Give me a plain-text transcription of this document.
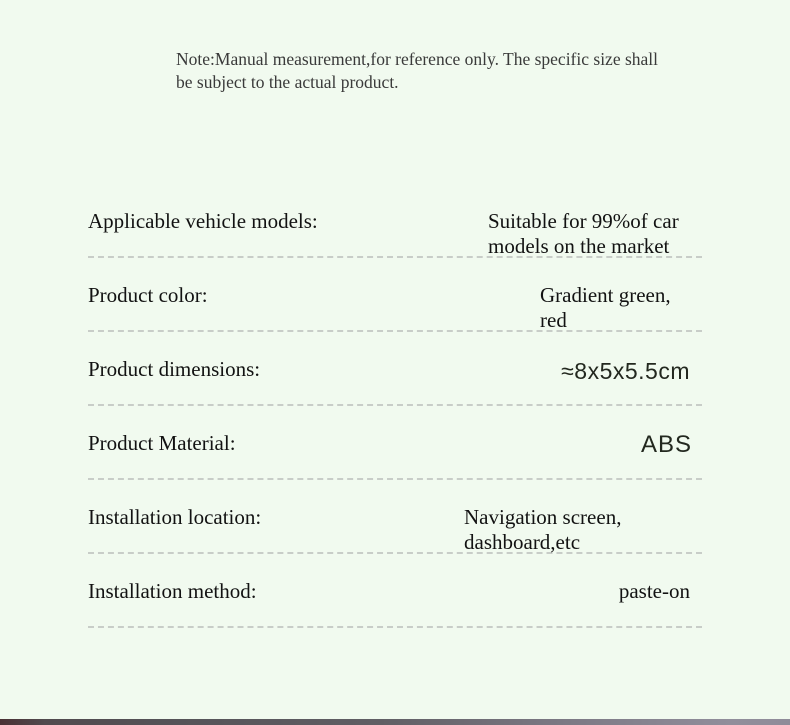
Note:Manual measurement,for reference only. The specific size shall
be subject to the actual product.
Applicable vehicle models:	Suitable for 99%of car
models on the market
Product color:	Gradient green,
red
Product dimensions:	≈8x5x5.5cm
Product Material:	ABS
Installation location:	Navigation screen,
dashboard,etc
Installation method:	paste-on
